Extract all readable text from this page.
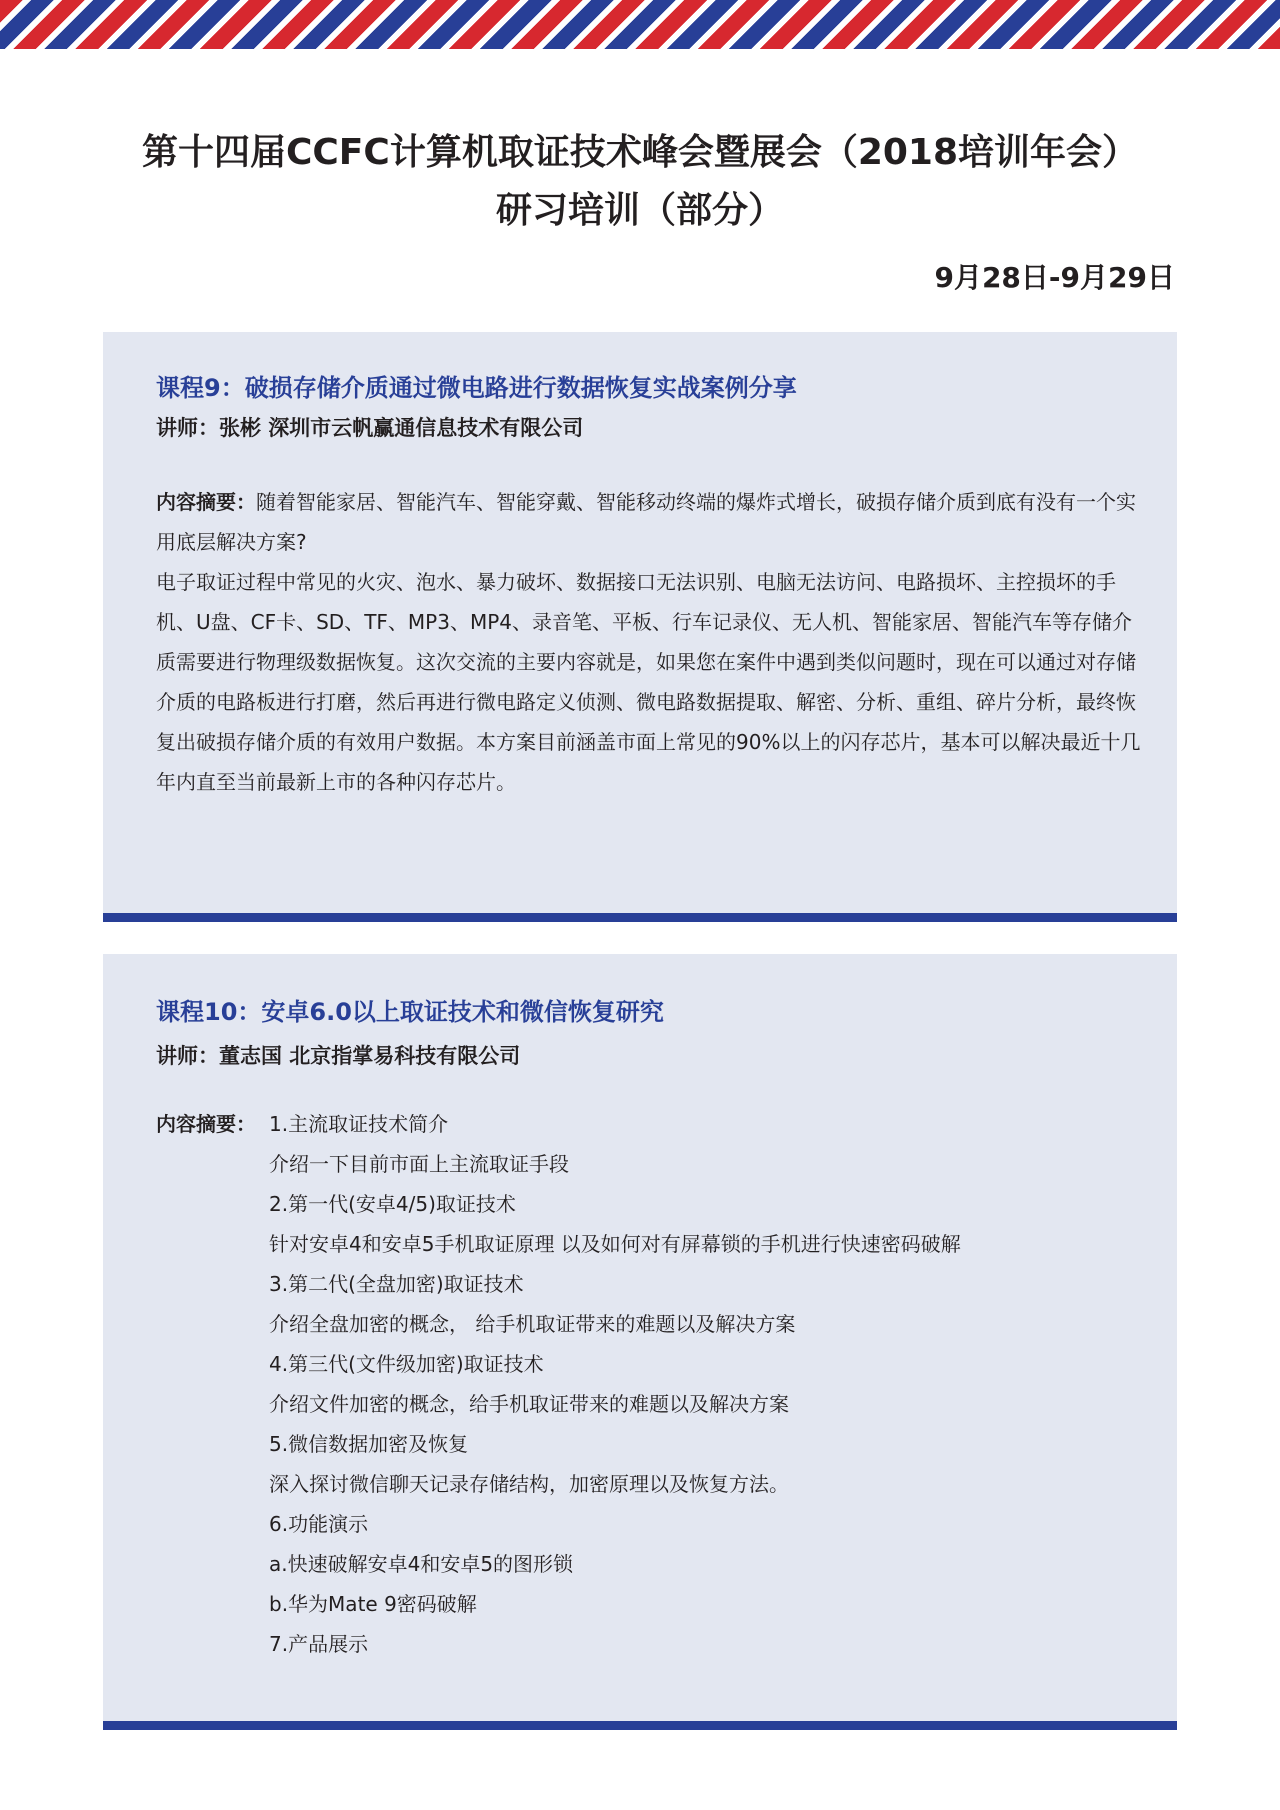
第十四届CCFC计算机取证技术峰会暨展会（2018培训年会）
研习培训（部分）
9月28日-9月29日
课程9：破损存储介质通过微电路进行数据恢复实战案例分享
讲师：张彬 深圳市云帆赢通信息技术有限公司

内容摘要：随着智能家居、智能汽车、智能穿戴、智能移动终端的爆炸式增长，破损存储介质到底有没有一个实用底层解决方案?

电子取证过程中常见的火灾、泡水、暴力破坏、数据接口无法识别、电脑无法访问、电路损坏、主控损坏的手机、U盘、CF卡、SD、TF、MP3、MP4、录音笔、平板、行车记录仪、无人机、智能家居、智能汽车等存储介质需要进行物理级数据恢复。这次交流的主要内容就是，如果您在案件中遇到类似问题时，现在可以通过对存储介质的电路板进行打磨，然后再进行微电路定义侦测、微电路数据提取、解密、分析、重组、碎片分析，最终恢复出破损存储介质的有效用户数据。本方案目前涵盖市面上常见的90%以上的闪存芯片，基本可以解决最近十几年内直至当前最新上市的各种闪存芯片。

课程10：安卓6.0以上取证技术和微信恢复研究
讲师：董志国 北京指掌易科技有限公司
内容摘要： 1.主流取证技术简介
介绍一下目前市面上主流取证手段
2.第一代(安卓4/5)取证技术
针对安卓4和安卓5手机取证原理 以及如何对有屏幕锁的手机进行快速密码破解
3.第二代(全盘加密)取证技术
介绍全盘加密的概念， 给手机取证带来的难题以及解决方案
4.第三代(文件级加密)取证技术
介绍文件加密的概念，给手机取证带来的难题以及解决方案
5.微信数据加密及恢复
深入探讨微信聊天记录存储结构，加密原理以及恢复方法。
6.功能演示
a.快速破解安卓4和安卓5的图形锁
b.华为Mate 9密码破解
7.产品展示
